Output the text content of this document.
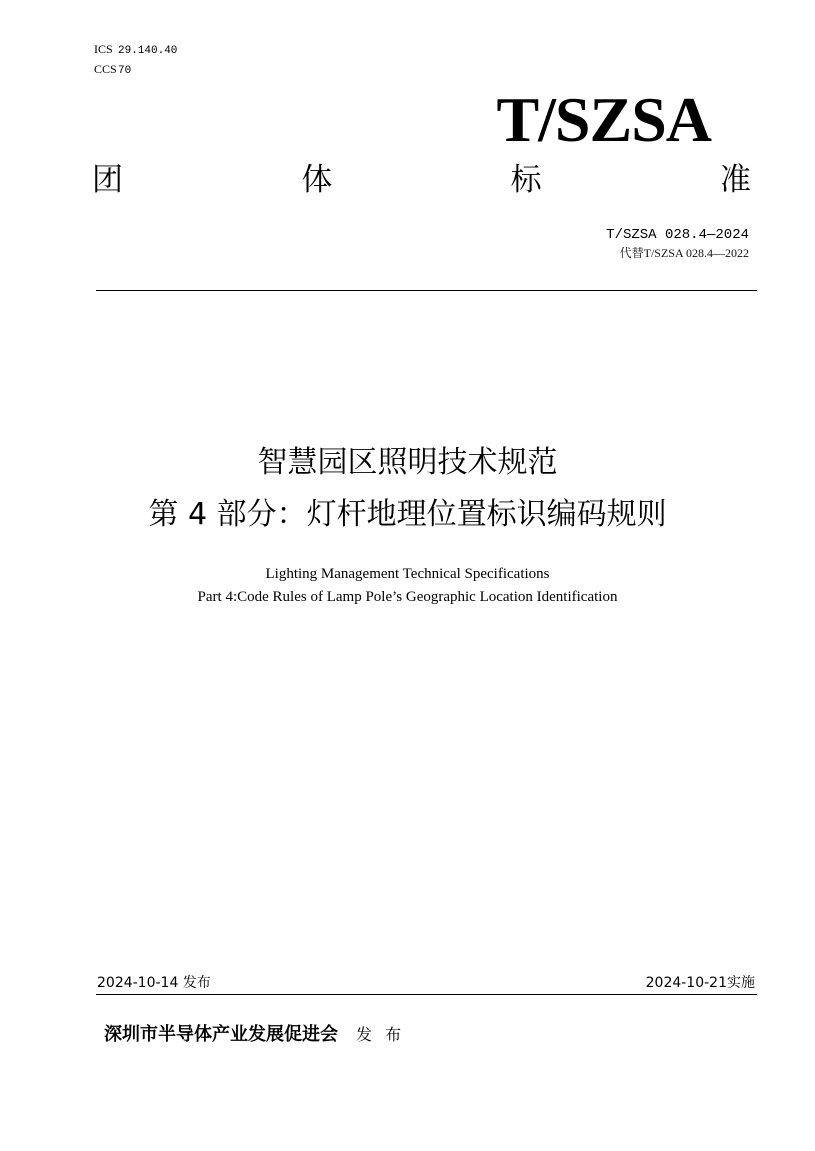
ICS 29.140.40
CCS70
T/SZSA
团	体	标	准
T/SZSA 028.4—2024
代替T/SZSA 028.4—2022
智慧园区照明技术规范
第 4 部分：灯杆地理位置标识编码规则
Lighting Management Technical Specifications
Part 4:Code Rules of Lamp Pole’s Geographic Location Identification
2024-10-14 发布	2024-10-21实施
深圳市半导体产业发展促进会 发 布
